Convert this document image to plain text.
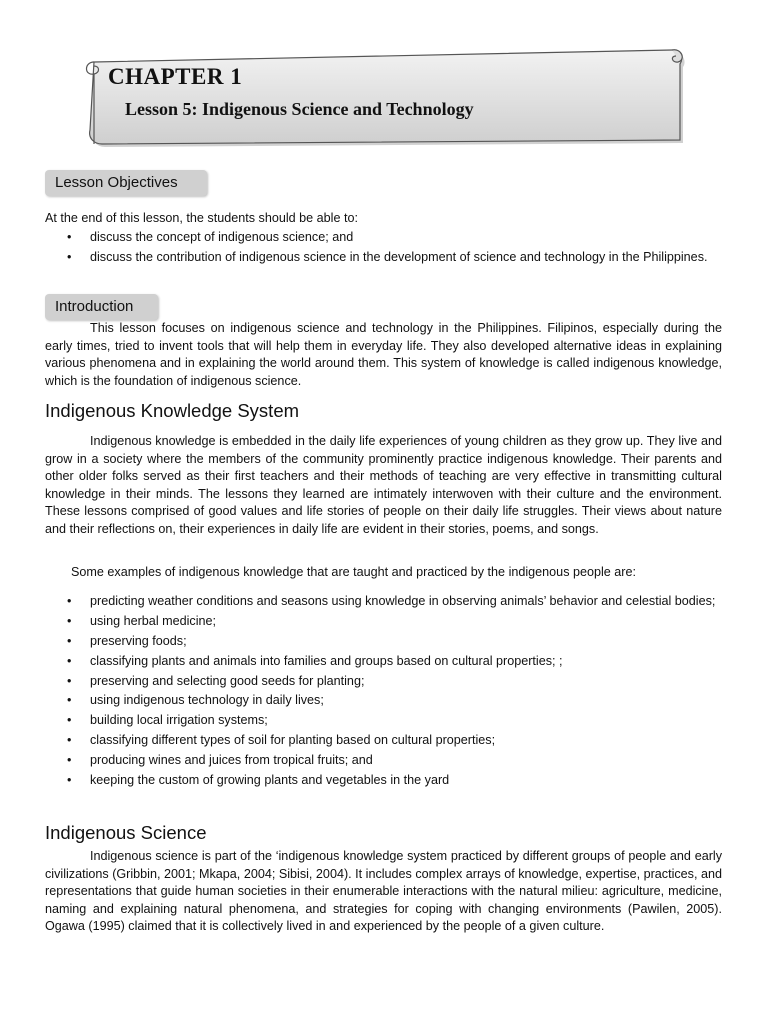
CHAPTER 1
Lesson 5: Indigenous Science and Technology
Lesson Objectives
At the end of this lesson, the students should be able to:
• discuss the concept of indigenous science; and
• discuss the contribution of indigenous science in the development of science and technology in the Philippines.
Introduction
This lesson focuses on indigenous science and technology in the Philippines. Filipinos, especially during the early times, tried to invent tools that will help them in everyday life. They also developed alternative ideas in explaining various phenomena and in explaining the world around them. This system of knowledge is called indigenous knowledge, which is the foundation of indigenous science.
Indigenous Knowledge System
Indigenous knowledge is embedded in the daily life experiences of young children as they grow up. They live and grow in a society where the members of the community prominently practice indigenous knowledge. Their parents and other older folks served as their first teachers and their methods of teaching are very effective in transmitting cultural knowledge in their minds. The lessons they learned are intimately interwoven with their culture and the environment. These lessons comprised of good values and life stories of people on their daily life struggles. Their views about nature and their reflections on, their experiences in daily life are evident in their stories, poems, and songs.
Some examples of indigenous knowledge that are taught and practiced by the indigenous people are:
• predicting weather conditions and seasons using knowledge in observing animals’ behavior and celestial bodies;
• using herbal medicine;
• preserving foods;
• classifying plants and animals into families and groups based on cultural properties; ;
• preserving and selecting good seeds for planting;
• using indigenous technology in daily lives;
• building local irrigation systems;
• classifying different types of soil for planting based on cultural properties;
• producing wines and juices from tropical fruits; and
• keeping the custom of growing plants and vegetables in the yard
Indigenous Science
Indigenous science is part of the ‘indigenous knowledge system practiced by different groups of people and early civilizations (Gribbin, 2001; Mkapa, 2004; Sibisi, 2004). It includes complex arrays of knowledge, expertise, practices, and representations that guide human societies in their enumerable interactions with the natural milieu: agriculture, medicine, naming and explaining natural phenomena, and strategies for coping with changing environments (Pawilen, 2005). Ogawa (1995) claimed that it is collectively lived in and experienced by the people of a given culture.
